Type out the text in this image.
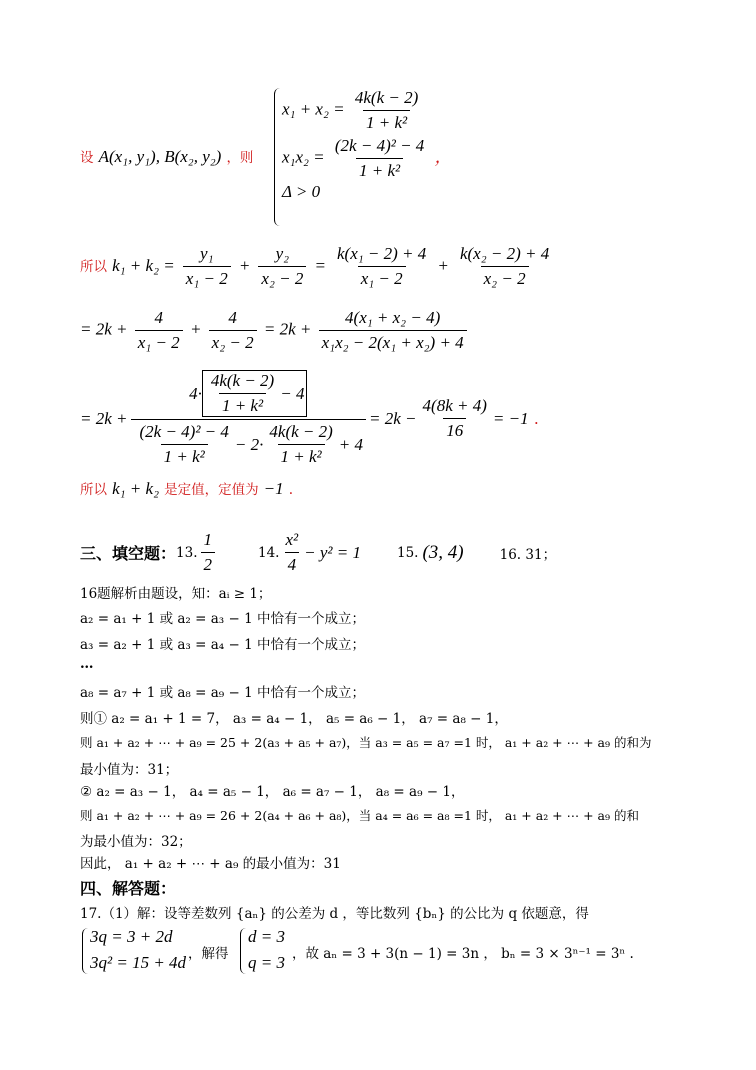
设 A(x₁, y₁), B(x₂, y₂) ，则
$x_1 + x_2 = \frac{4k(k - 2)}{\text{1 + k²}}$
$x_1x_2 = \frac{\text{(2k − 4)² − 4}}{\text{1 + k²}}$ ，
Δ > 0
所以 $k_1 + k_2 = \frac{\text{y₁}}{\text{x₁ − 2}} + \frac{\text{y₂}}{\text{x₂ − 2}} = \frac{\text{k(x₁ − 2) + 4}}{\text{x₁ − 2}} + \frac{\text{k(x₂ − 2) + 4}}{\text{x₂ − 2}}$
= $2k + \frac{4}{\text{x₁ − 2}} + \frac{4}{\text{x₂ − 2}} = 2k + \frac{\text{4(x₁ + x₂ − 4)}}{\text{x₁x₂ − 2(x₁ + x₂) + 4}}$
= 2k +
$4\cdot \frac{4k(k - 2)}{\text{1 + k²}} - 4$
$\frac{\text{(2k − 4)² − 4}}{\text{1 + k²}} - 2\cdot \frac{4k(k - 2)}{\text{1 + k²}} + 4$
= $2k - \frac{4(8k + 4)}{16} = -1$ .
所以 k₁ + k₂ 是定值，定值为 −1 .
三、填空题： 13. $\frac{1}{2}$	14. $\frac{\text{x²}}{4} - y^2 = 1$	15. (3, 4)	16. 31；
16题解析由题设，知：aᵢ ≥ 1；
a₂ = a₁ + 1 或 a₂ = a₃ − 1 中恰有一个成立；
a₃ = a₂ + 1 或 a₃ = a₄ − 1 中恰有一个成立；
…
a₈ = a₇ + 1 或 a₈ = a₉ − 1 中恰有一个成立；
则① a₂ = a₁ + 1 = 7， a₃ = a₄ − 1， a₅ = a₆ − 1， a₇ = a₈ − 1，
则 a₁ + a₂ + ⋯ + a₉ = 25 + 2(a₃ + a₅ + a₇)，当 a₃ = a₅ = a₇ =1 时， a₁ + a₂ + ⋯ + a₉ 的和为
最小值为：31；
② a₂ = a₃ − 1， a₄ = a₅ − 1， a₆ = a₇ − 1， a₈ = a₉ − 1，
则 a₁ + a₂ + ⋯ + a₉ = 26 + 2(a₄ + a₆ + a₈)，当 a₄ = a₆ = a₈ =1 时， a₁ + a₂ + ⋯ + a₉ 的和
为最小值为：32；
因此， a₁ + a₂ + ⋯ + a₉ 的最小值为：31
四、解答题：
17.（1）解：设等差数列 {aₙ} 的公差为 d ，等比数列 {bₙ} 的公比为 q 依题意，得
3q = 3 + 2d
3q² = 15 + 4d ，解得
d = 3
q = 3 ，故 aₙ = 3 + 3(n − 1) = 3n ， bₙ = 3 × 3ⁿ⁻¹ = 3ⁿ .
